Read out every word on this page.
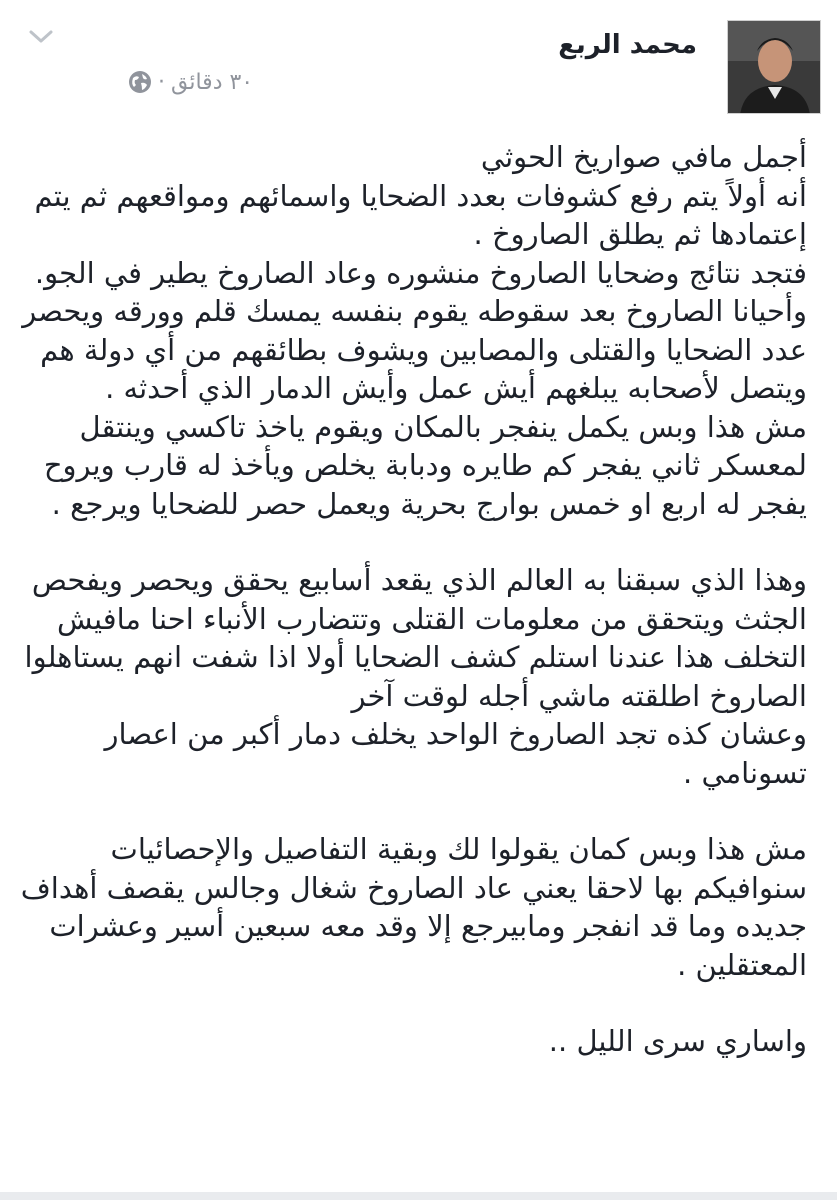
محمد الربع
٣٠ دقائق
·
أجمل مافي صواريخ الحوثي
أنه أولاً يتم رفع كشوفات بعدد الضحايا واسمائهم ومواقعهم ثم يتم
إعتمادها ثم يطلق الصاروخ .
فتجد نتائج وضحايا الصاروخ منشوره وعاد الصاروخ يطير في الجو.
وأحيانا الصاروخ بعد سقوطه يقوم بنفسه يمسك قلم وورقه ويحصر
عدد الضحايا والقتلى والمصابين ويشوف بطائقهم من أي دولة هم
ويتصل لأصحابه يبلغهم أيش عمل وأيش الدمار الذي أحدثه .
مش هذا وبس يكمل ينفجر بالمكان ويقوم ياخذ تاكسي وينتقل
لمعسكر ثاني يفجر كم طايره ودبابة يخلص ويأخذ له قارب ويروح
يفجر له اربع او خمس بوارج بحرية ويعمل حصر للضحايا ويرجع .
وهذا الذي سبقنا به العالم الذي يقعد أسابيع يحقق ويحصر ويفحص
الجثث ويتحقق من معلومات القتلى وتتضارب الأنباء احنا مافيش
التخلف هذا عندنا استلم كشف الضحايا أولا اذا شفت انهم يستاهلوا
الصاروخ اطلقته ماشي أجله لوقت آخر
وعشان كذه تجد الصاروخ الواحد يخلف دمار أكبر من اعصار
تسونامي .
مش هذا وبس كمان يقولوا لك وبقية التفاصيل والإحصائيات
سنوافيكم بها لاحقا يعني عاد الصاروخ شغال وجالس يقصف أهداف
جديده وما قد انفجر ومابيرجع إلا وقد معه سبعين أسير وعشرات
المعتقلين .
واساري سرى الليل ..
